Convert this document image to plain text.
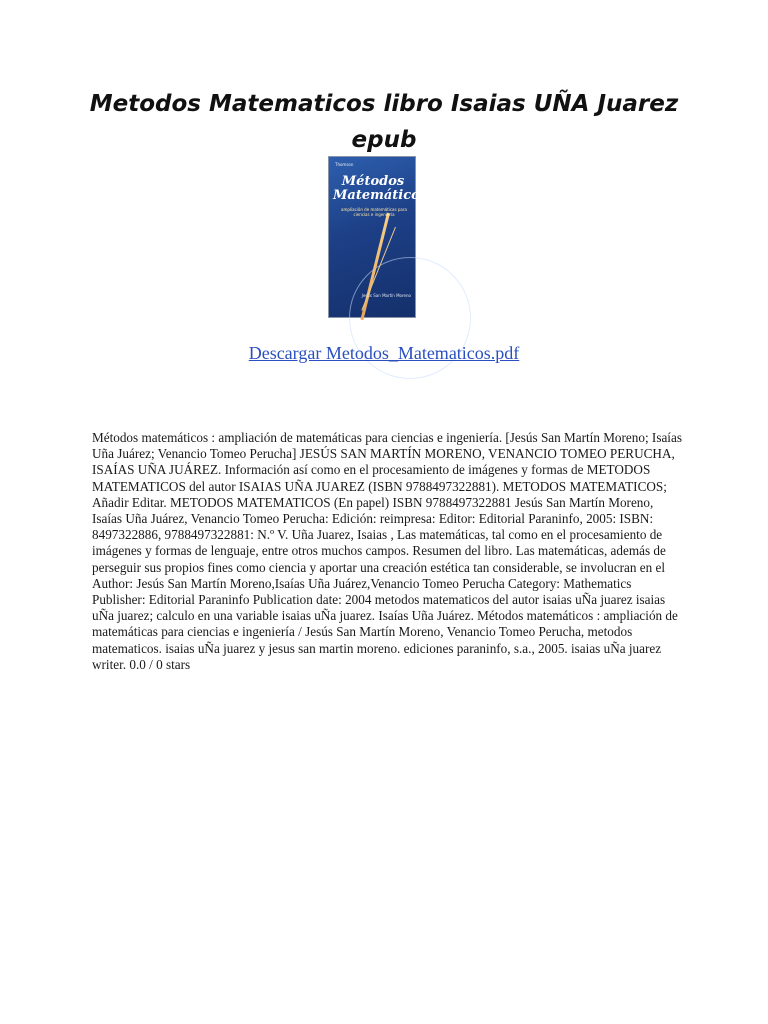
Metodos Matematicos libro Isaias UÑA Juarez epub
Thomson
Métodos Matemáticos
ampliación de matemáticas para ciencias e ingeniería
Jesús San Martín Moreno
Descargar Metodos_Matematicos.pdf

Métodos matemáticos : ampliación de matemáticas para ciencias e ingeniería. [Jesús San Martín Moreno; Isaías Uña Juárez; Venancio Tomeo Perucha] JESÚS SAN MARTÍN MORENO, VENANCIO TOMEO PERUCHA, ISAÍAS UÑA JUÁREZ. Información así como en el procesamiento de imágenes y formas de METODOS MATEMATICOS del autor ISAIAS UÑA JUAREZ (ISBN 9788497322881). METODOS MATEMATICOS; Añadir Editar. METODOS MATEMATICOS (En papel) ISBN 9788497322881 Jesús San Martín Moreno, Isaías Uña Juárez, Venancio Tomeo Perucha: Edición: reimpresa: Editor: Editorial Paraninfo, 2005: ISBN: 8497322886, 9788497322881: N.º V. Uña Juarez, Isaias , Las matemáticas, tal como en el procesamiento de imágenes y formas de lenguaje, entre otros muchos campos. Resumen del libro. Las matemáticas, además de perseguir sus propios fines como ciencia y aportar una creación estética tan considerable, se involucran en el Author: Jesús San Martín Moreno,Isaías Uña Juárez,Venancio Tomeo Perucha Category: Mathematics Publisher: Editorial Paraninfo Publication date: 2004 metodos matematicos del autor isaias uÑa juarez isaias uÑa juarez; calculo en una variable isaias uÑa juarez. Isaías Uña Juárez. Métodos matemáticos : ampliación de matemáticas para ciencias e ingeniería / Jesús San Martín Moreno, Venancio Tomeo Perucha, metodos matematicos. isaias uÑa juarez y jesus san martin moreno. ediciones paraninfo, s.a., 2005. isaias uÑa juarez writer. 0.0 / 0 stars
